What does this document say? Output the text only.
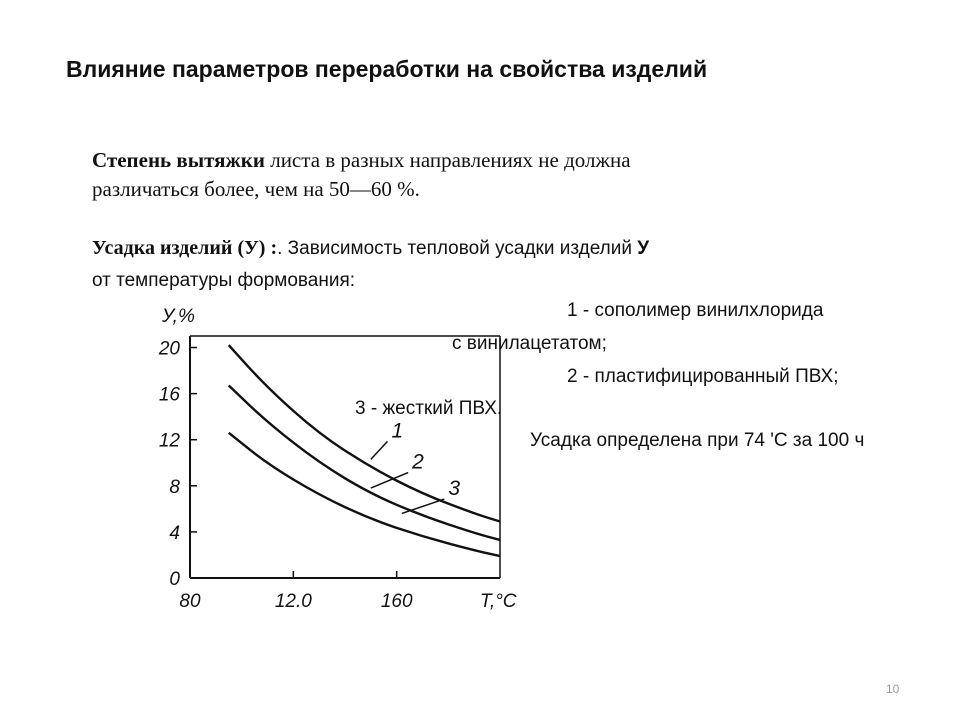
Влияние параметров переработки на свойства изделий
Степень вытяжки листа в разных направлениях не должна
различаться более, чем на 50—60 %.
Усадка изделий (У) :. Зависимость тепловой усадки изделий У
от температуры формования:
0
4
8
12
16
20
80	12.0	160
У,%
Т,°С
1
2
3
1 - сополимер винилхлорида
с винилацетатом;
2 - пластифицированный ПВХ;
3 - жесткий ПВХ.
Усадка определена при 74 'С за 100 ч
10
